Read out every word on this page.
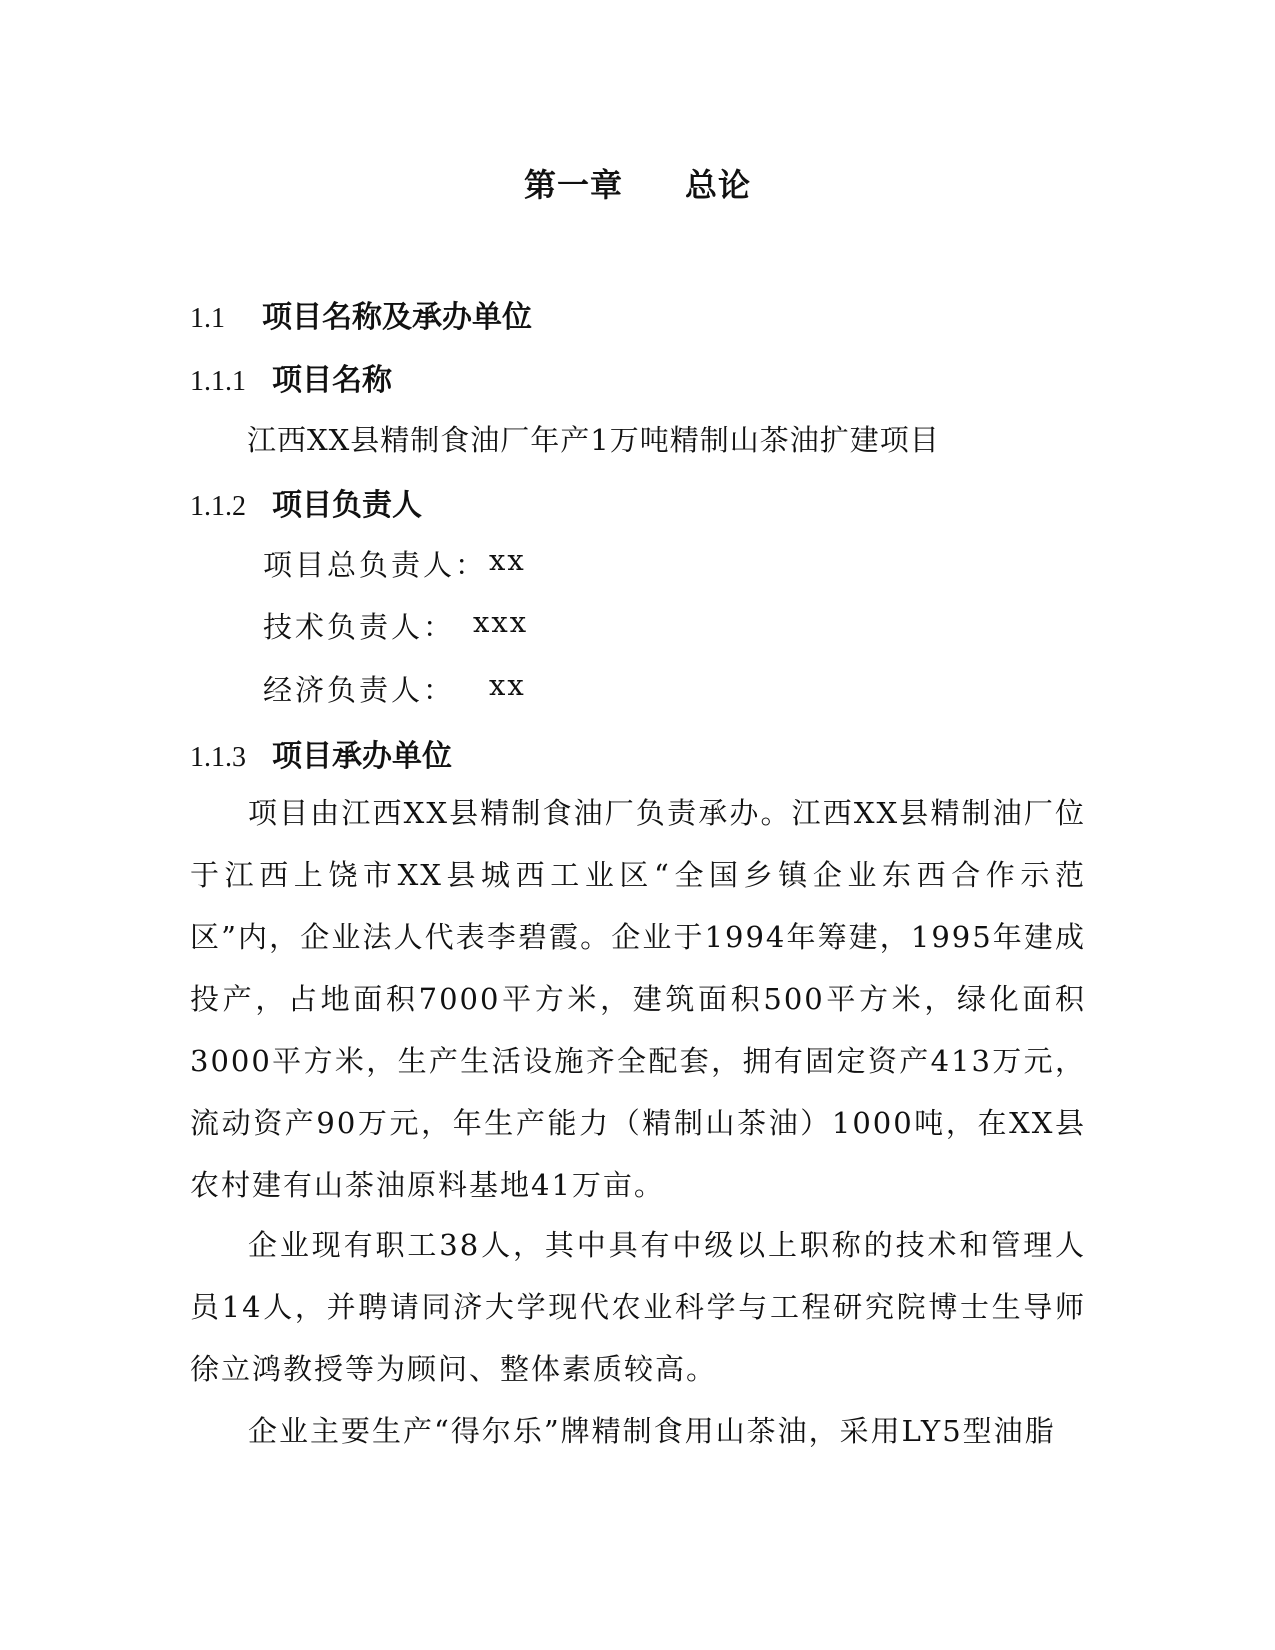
第一章 总论
1.1 项目名称及承办单位
1.1.1 项目名称
江西XX县精制食油厂年产1万吨精制山茶油扩建项目
1.1.2 项目负责人
项目总负责人： xx
技术负责人： xxx
经济负责人： xx
1.1.3 项目承办单位

项目由江西XX县精制食油厂负责承办。江西XX县精制油厂位于江西上饶市XX县城西工业区“全国乡镇企业东西合作示范区”内，企业法人代表李碧霞。企业于1994年筹建，1995年建成投产，占地面积7000平方米，建筑面积500平方米，绿化面积3000平方米，生产生活设施齐全配套，拥有固定资产413万元，流动资产90万元，年生产能力（精制山茶油）1000吨，在XX县农村建有山茶油原料基地41万亩。

企业现有职工38人，其中具有中级以上职称的技术和管理人员14人，并聘请同济大学现代农业科学与工程研究院博士生导师徐立鸿教授等为顾问、整体素质较高。

企业主要生产“得尔乐”牌精制食用山茶油，采用LY5型油脂
